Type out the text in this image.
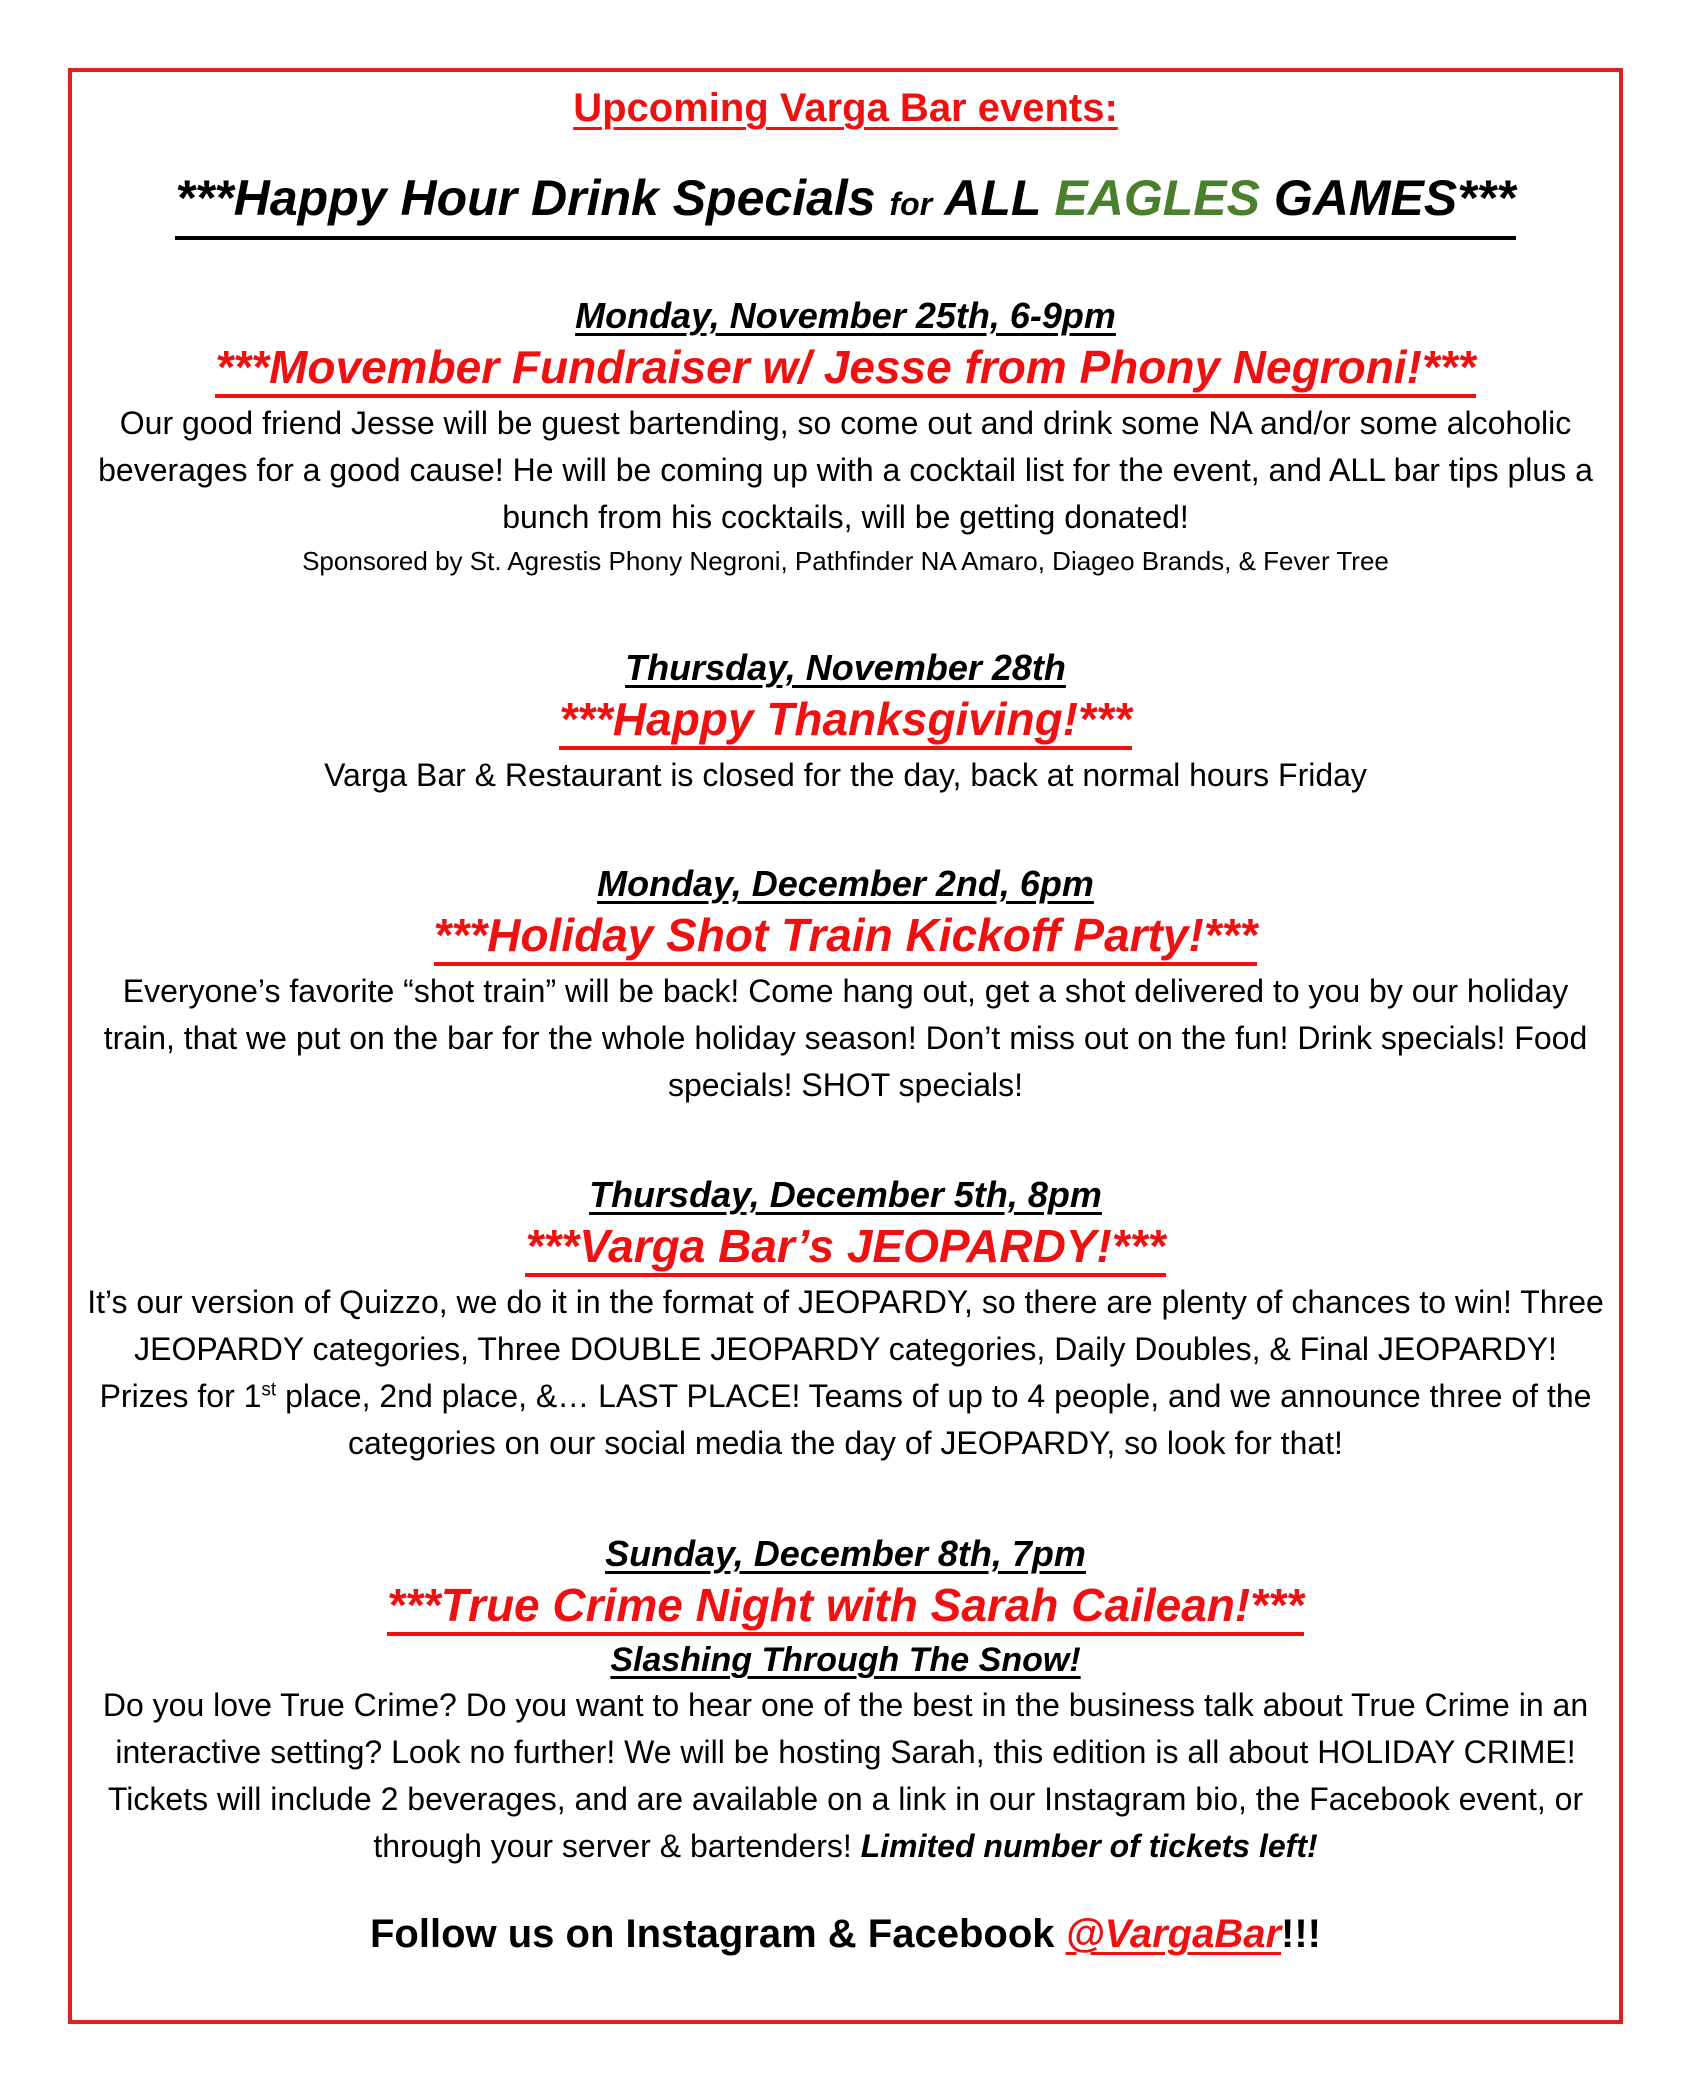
Upcoming Varga Bar events:
***Happy Hour Drink Specials for ALL EAGLES GAMES***
Monday, November 25th, 6-9pm
***Movember Fundraiser w/ Jesse from Phony Negroni!***
Our good friend Jesse will be guest bartending, so come out and drink some NA and/or some alcoholic beverages for a good cause! He will be coming up with a cocktail list for the event, and ALL bar tips plus a bunch from his cocktails, will be getting donated!
Sponsored by St. Agrestis Phony Negroni, Pathfinder NA Amaro, Diageo Brands, & Fever Tree
Thursday, November 28th
***Happy Thanksgiving!***
Varga Bar & Restaurant is closed for the day, back at normal hours Friday
Monday, December 2nd, 6pm
***Holiday Shot Train Kickoff Party!***
Everyone’s favorite “shot train” will be back! Come hang out, get a shot delivered to you by our holiday train, that we put on the bar for the whole holiday season! Don’t miss out on the fun! Drink specials! Food specials! SHOT specials!
Thursday, December 5th, 8pm
***Varga Bar’s JEOPARDY!***
It’s our version of Quizzo, we do it in the format of JEOPARDY, so there are plenty of chances to win! Three JEOPARDY categories, Three DOUBLE JEOPARDY categories, Daily Doubles, & Final JEOPARDY! Prizes for 1st place, 2nd place, &… LAST PLACE! Teams of up to 4 people, and we announce three of the categories on our social media the day of JEOPARDY, so look for that!
Sunday, December 8th, 7pm
***True Crime Night with Sarah Cailean!***
Slashing Through The Snow!
Do you love True Crime? Do you want to hear one of the best in the business talk about True Crime in an interactive setting? Look no further! We will be hosting Sarah, this edition is all about HOLIDAY CRIME! Tickets will include 2 beverages, and are available on a link in our Instagram bio, the Facebook event, or through your server & bartenders! Limited number of tickets left!
Follow us on Instagram & Facebook @VargaBar!!!
